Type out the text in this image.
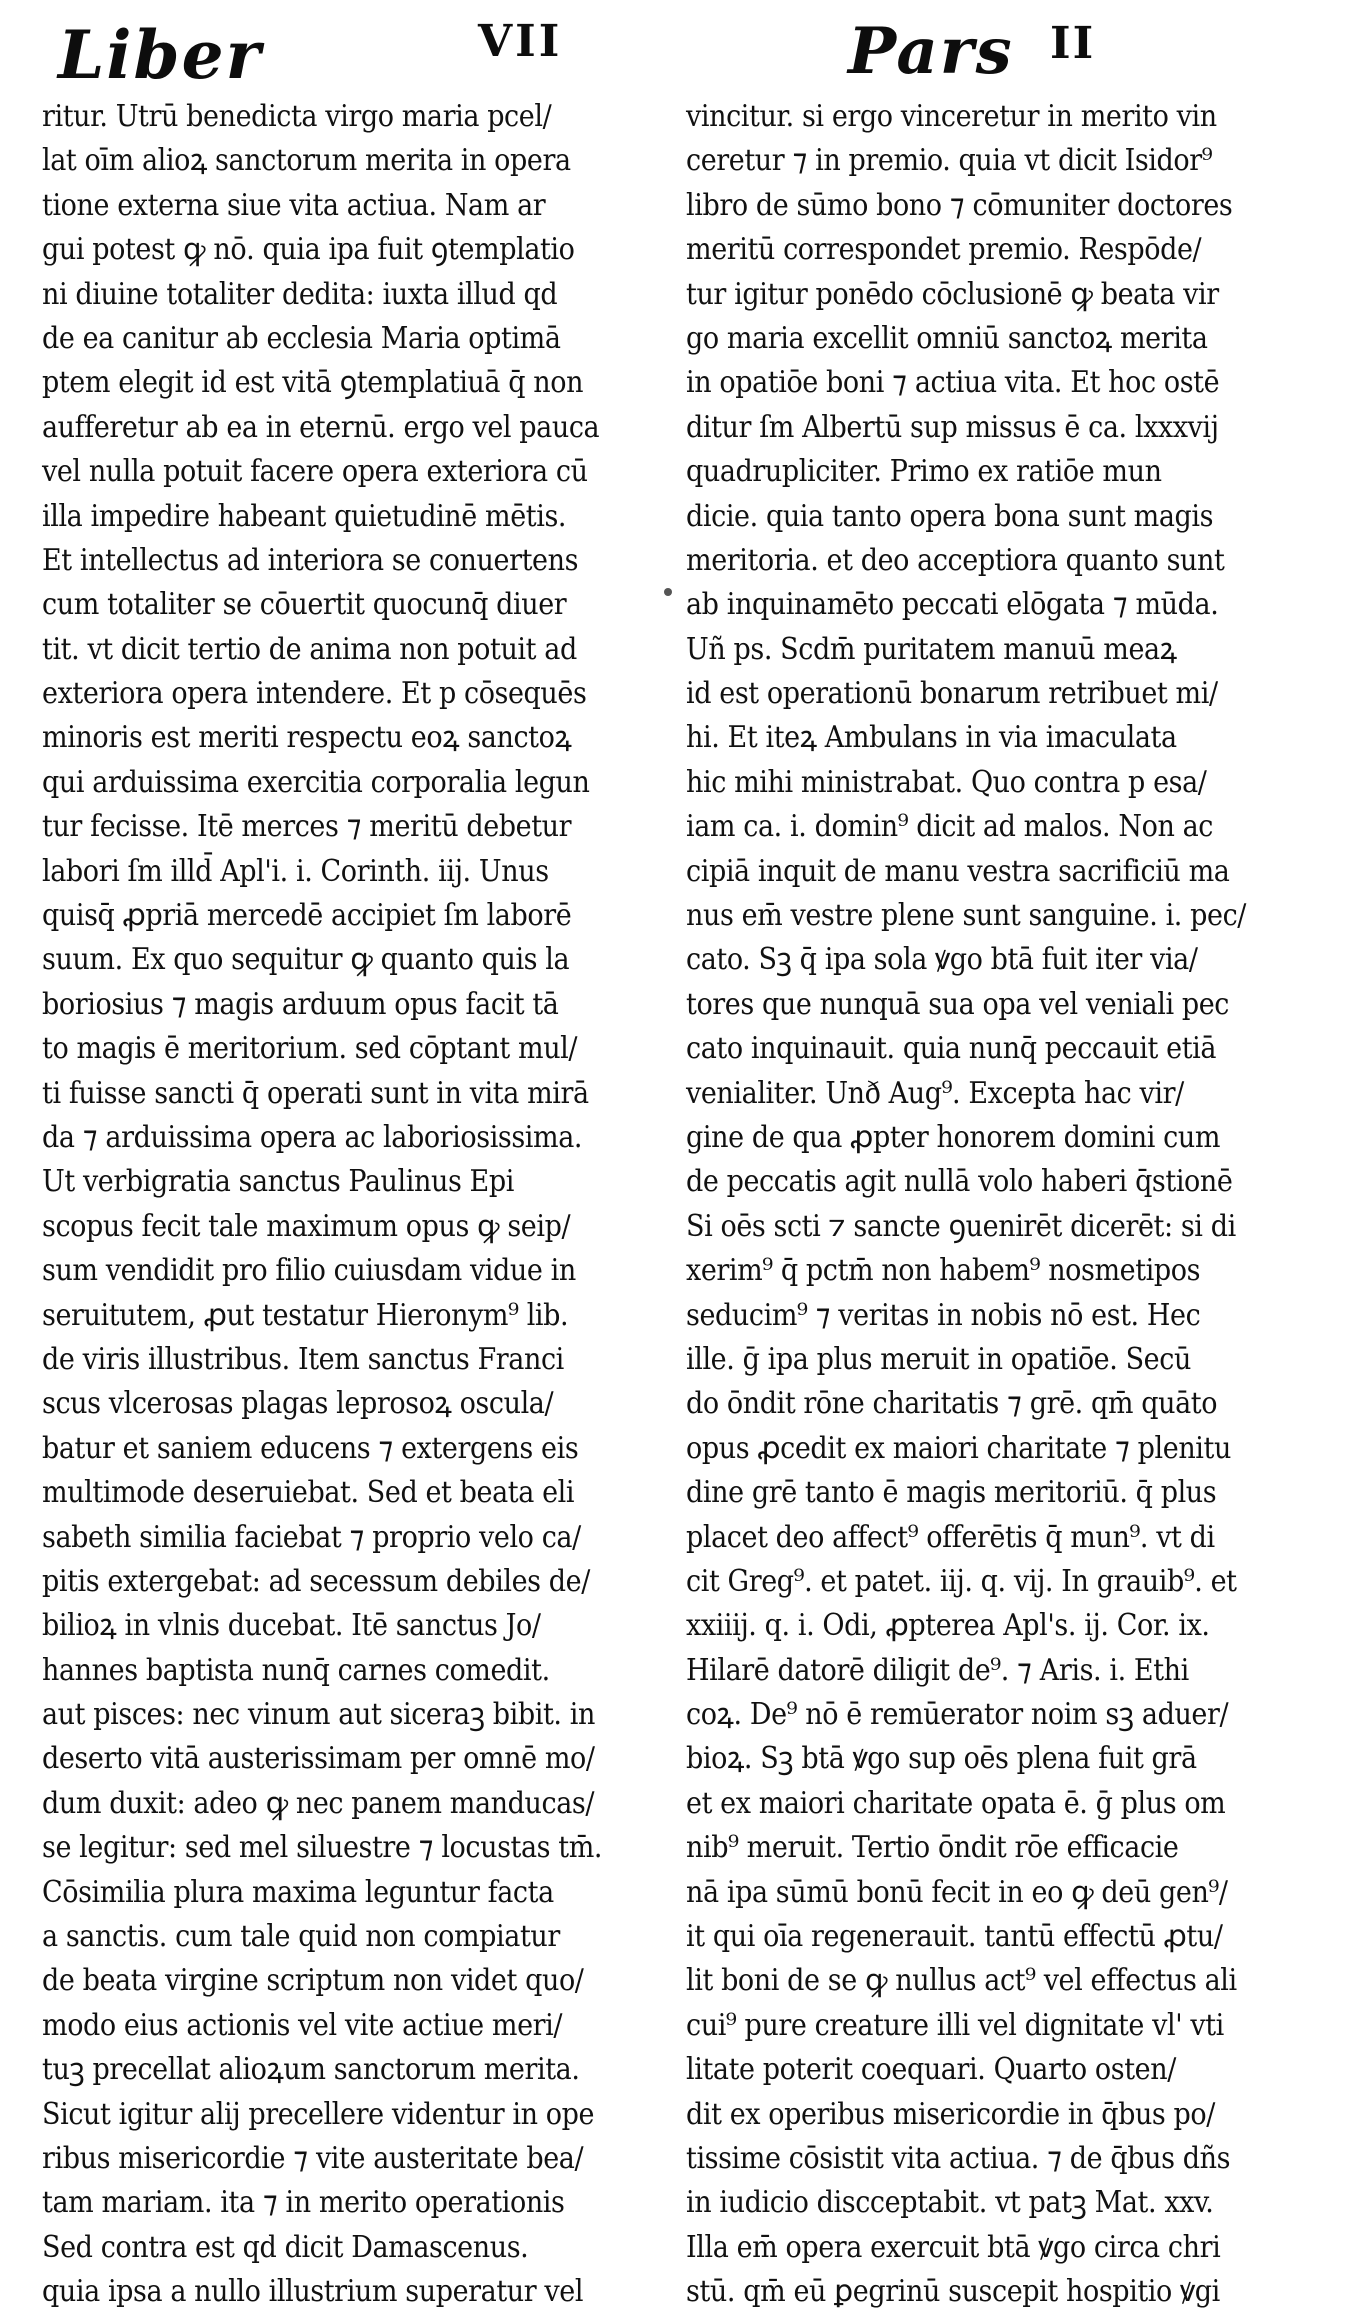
Liber	VII	Pars II
ritur. Utrū benedicta virgo maria pcel/
lat oīm alioꝝ sanctorum merita in opera
tione externa siue vita actiua. Nam ar
gui potest ꝙ nō. quia ipa fuit ꝯtemplatio
ni diuine totaliter dedita: iuxta illud qd
de ea canitur ab ecclesia Maria optimā
ptem elegit id est vitā ꝯtemplatiuā q̄ non
aufferetur ab ea in eternū. ergo vel pauca
vel nulla potuit facere opera exteriora cū
illa impedire habeant quietudinē mētis.
Et intellectus ad interiora se conuertens
cum totaliter se cōuertit quocunq̄ diuer
tit. vt dicit tertio de anima non potuit ad
exteriora opera intendere. Et p cōsequēs
minoris est meriti respectu eoꝝ sanctoꝝ
qui arduissima exercitia corporalia legun
tur fecisse. Itē merces ⁊ meritū debetur
labori ſm illd̄ Apl'i. i. Corinth. iij. Unus
quisq̄ ꝓpriā mercedē accipiet ſm laborē
suum. Ex quo sequitur ꝙ quanto quis la
boriosius ⁊ magis arduum opus facit tā
to magis ē meritorium. sed cōptant mul/
ti fuisse sancti q̄ operati sunt in vita mirā
da ⁊ arduissima opera ac laboriosissima.
Ut verbigratia sanctus Paulinus Epi
scopus fecit tale maximum opus ꝙ seip/
sum vendidit pro filio cuiusdam vidue in
seruitutem, ꝓut testatur Hieronym⁹ lib.
de viris illustribus. Item sanctus Franci
scus vlcerosas plagas leprosoꝝ oscula/
batur et saniem educens ⁊ extergens eis
multimode deseruiebat. Sed et beata eli
sabeth similia faciebat ⁊ proprio velo ca/
pitis extergebat: ad secessum debiles de/
bilioꝝ in vlnis ducebat. Itē sanctus Jo/
hannes baptista nunq̄ carnes comedit.
aut pisces: nec vinum aut siceraꝫ bibit. in
deserto vitā austerissimam per omnē mo/
dum duxit: adeo ꝙ nec panem manducas/
se legitur: sed mel siluestre ⁊ locustas tm̄.
Cōsimilia plura maxima leguntur facta
a sanctis. cum tale quid non compiatur
de beata virgine scriptum non videt quo/
modo eius actionis vel vite actiue meri/
tuꝫ precellat alioꝝum sanctorum merita.
Sicut igitur alij precellere videntur in ope
ribus misericordie ⁊ vite austeritate bea/
tam mariam. ita ⁊ in merito operationis
Sed contra est qd dicit Damascenus.
quia ipsa a nullo illustrium superatur vel
vincitur. si ergo vinceretur in merito vin
ceretur ⁊ in premio. quia vt dicit Isidor⁹
libro de sūmo bono ⁊ cōmuniter doctores
meritū correspondet premio. Respōde/
tur igitur ponēdo cōclusionē ꝙ beata vir
go maria excellit omniū sanctoꝝ merita
in opatiōe boni ⁊ actiua vita. Et hoc ostē
ditur ſm Albertū sup missus ē ca. lxxxvij
quadrupliciter. Primo ex ratiōe mun
dicie. quia tanto opera bona sunt magis
meritoria. et deo acceptiora quanto sunt
ab inquinamēto peccati elōgata ⁊ mūda.
Uñ ps. Scdm̄ puritatem manuū meaꝝ
id est operationū bonarum retribuet mi/
hi. Et iteꝝ Ambulans in via imaculata
hic mihi ministrabat. Quo contra p esa/
iam ca. i. domin⁹ dicit ad malos. Non ac
cipiā inquit de manu vestra sacrificiū ma
nus em̄ vestre plene sunt sanguine. i. pec/
cato. Sꝫ q̄ ipa sola ꝟgo btā fuit iter via/
tores que nunquā sua opa vel veniali pec
cato inquinauit. quia nunq̄ peccauit etiā
venialiter. Unð Aug⁹. Excepta hac vir/
gine de qua ꝓpter honorem domini cum
de peccatis agit nullā volo haberi q̄stionē
Si oēs scti ⁊ sancte ꝯuenirēt dicerēt: si di
xerim⁹ q̄ pctm̄ non habem⁹ nosmetipos
seducim⁹ ⁊ veritas in nobis nō est. Hec
ille. ḡ ipa plus meruit in opatiōe. Secū
do ōndit rōne charitatis ⁊ grē. qm̄ quāto
opus ꝓcedit ex maiori charitate ⁊ plenitu
dine grē tanto ē magis meritoriū. q̄ plus
placet deo affect⁹ offerētis q̄ mun⁹. vt di
cit Greg⁹. et patet. iij. q. vij. In grauib⁹. et
xxiiij. q. i. Odi, ꝓpterea Apl's. ij. Cor. ix.
Hilarē datorē diligit de⁹. ⁊ Aris. i. Ethi
coꝝ. De⁹ nō ē remūerator noim sꝫ aduer/
bioꝝ. Sꝫ btā ꝟgo sup oēs plena fuit grā
et ex maiori charitate opata ē. ḡ plus om
nib⁹ meruit. Tertio ōndit rōe efficacie
nā ipa sūmū bonū fecit in eo ꝙ deū gen⁹/
it qui oīa regenerauit. tantū effectū ꝓtu/
lit boni de se ꝙ nullus act⁹ vel effectus ali
cui⁹ pure creature illi vel dignitate vl' vti
litate poterit coequari. Quarto osten/
dit ex operibus misericordie in q̄bus po/
tissime cōsistit vita actiua. ⁊ de q̄bus dñs
in iudicio discceptabit. vt patꝫ Mat. xxv.
Illa em̄ opera exercuit btā ꝟgo circa chri
stū. qm̄ eū ꝑegrinū suscepit hospitio ꝟgi
